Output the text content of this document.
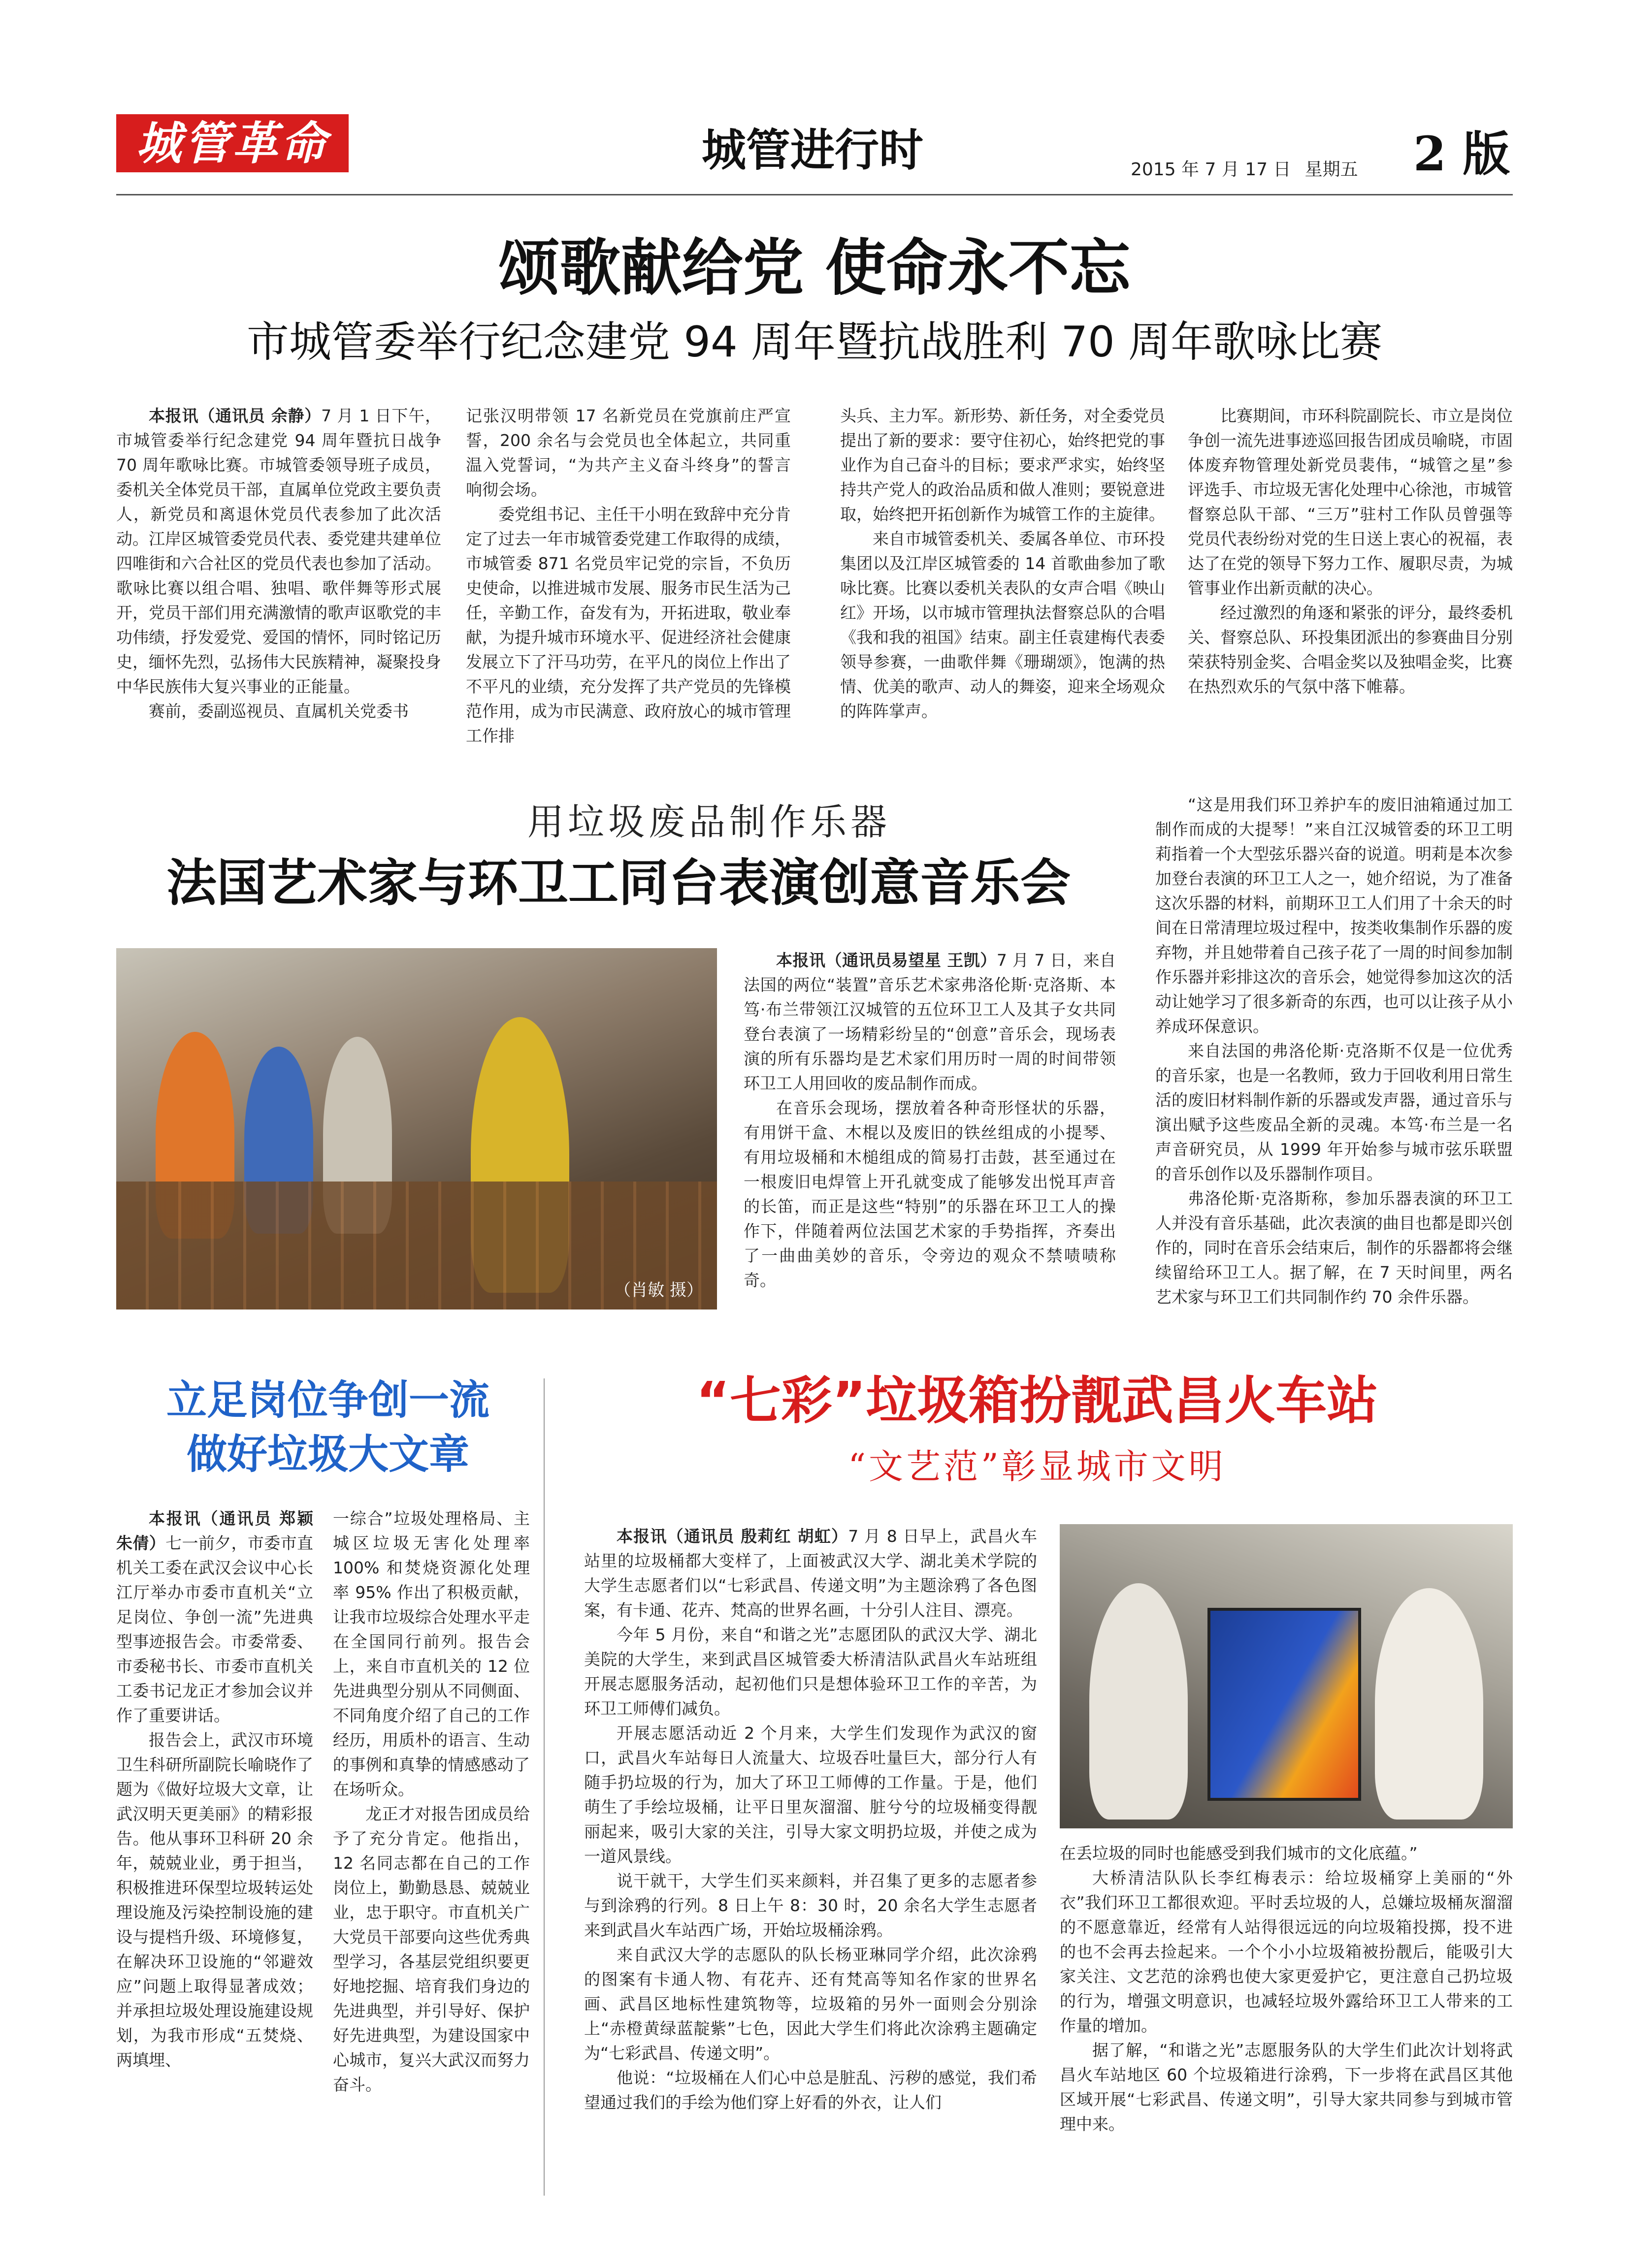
城管革命	城管进行时	2015 年 7 月 17 日 星期五 2 版
颂歌献给党 使命永不忘
市城管委举行纪念建党 94 周年暨抗战胜利 70 周年歌咏比赛

本报讯（通讯员 余静）7 月 1 日下午，市城管委举行纪念建党 94 周年暨抗日战争 70 周年歌咏比赛。市城管委领导班子成员，委机关全体党员干部，直属单位党政主要负责人，新党员和离退休党员代表参加了此次活动。江岸区城管委党员代表、委党建共建单位四唯街和六合社区的党员代表也参加了活动。歌咏比赛以组合唱、独唱、歌伴舞等形式展开，党员干部们用充满激情的歌声讴歌党的丰功伟绩，抒发爱党、爱国的情怀，同时铭记历史，缅怀先烈，弘扬伟大民族精神，凝聚投身中华民族伟大复兴事业的正能量。

赛前，委副巡视员、直属机关党委书

记张汉明带领 17 名新党员在党旗前庄严宣誓，200 余名与会党员也全体起立，共同重温入党誓词，“为共产主义奋斗终身”的誓言响彻会场。

委党组书记、主任干小明在致辞中充分肯定了过去一年市城管委党建工作取得的成绩，市城管委 871 名党员牢记党的宗旨，不负历史使命，以推进城市发展、服务市民生活为己任，辛勤工作，奋发有为，开拓进取，敬业奉献，为提升城市环境水平、促进经济社会健康发展立下了汗马功劳，在平凡的岗位上作出了不平凡的业绩，充分发挥了共产党员的先锋模范作用，成为市民满意、政府放心的城市管理工作排

头兵、主力军。新形势、新任务，对全委党员提出了新的要求：要守住初心，始终把党的事业作为自己奋斗的目标；要求严求实，始终坚持共产党人的政治品质和做人准则；要锐意进取，始终把开拓创新作为城管工作的主旋律。

来自市城管委机关、委属各单位、市环投集团以及江岸区城管委的 14 首歌曲参加了歌咏比赛。比赛以委机关表队的女声合唱《映山红》开场，以市城市管理执法督察总队的合唱《我和我的祖国》结束。副主任袁建梅代表委领导参赛，一曲歌伴舞《珊瑚颂》，饱满的热情、优美的歌声、动人的舞姿，迎来全场观众的阵阵掌声。

比赛期间，市环科院副院长、市立是岗位争创一流先进事迹巡回报告团成员喻晓，市固体废弃物管理处新党员裴伟，“城管之星”参评选手、市垃圾无害化处理中心徐池，市城管督察总队干部、“三万”驻村工作队员曾强等党员代表纷纷对党的生日送上衷心的祝福，表达了在党的领导下努力工作、履职尽责，为城管事业作出新贡献的决心。

经过激烈的角逐和紧张的评分，最终委机关、督察总队、环投集团派出的参赛曲目分别荣获特别金奖、合唱金奖以及独唱金奖，比赛在热烈欢乐的气氛中落下帷幕。

用垃圾废品制作乐器
法国艺术家与环卫工同台表演创意音乐会
（肖敏 摄）

本报讯（通讯员易望星 王凯）7 月 7 日，来自法国的两位“装置”音乐艺术家弗洛伦斯·克洛斯、本笃·布兰带领江汉城管的五位环卫工人及其子女共同登台表演了一场精彩纷呈的“创意”音乐会，现场表演的所有乐器均是艺术家们用历时一周的时间带领环卫工人用回收的废品制作而成。

在音乐会现场，摆放着各种奇形怪状的乐器，有用饼干盒、木棍以及废旧的铁丝组成的小提琴、有用垃圾桶和木槌组成的简易打击鼓，甚至通过在一根废旧电焊管上开孔就变成了能够发出悦耳声音的长笛，而正是这些“特别”的乐器在环卫工人的操作下，伴随着两位法国艺术家的手势指挥，齐奏出了一曲曲美妙的音乐，令旁边的观众不禁啧啧称奇。

“这是用我们环卫养护车的废旧油箱通过加工制作而成的大提琴！”来自江汉城管委的环卫工明莉指着一个大型弦乐器兴奋的说道。明莉是本次参加登台表演的环卫工人之一，她介绍说，为了准备这次乐器的材料，前期环卫工人们用了十余天的时间在日常清理垃圾过程中，按类收集制作乐器的废弃物，并且她带着自己孩子花了一周的时间参加制作乐器并彩排这次的音乐会，她觉得参加这次的活动让她学习了很多新奇的东西，也可以让孩子从小养成环保意识。

来自法国的弗洛伦斯·克洛斯不仅是一位优秀的音乐家，也是一名教师，致力于回收利用日常生活的废旧材料制作新的乐器或发声器，通过音乐与演出赋予这些废品全新的灵魂。本笃·布兰是一名声音研究员，从 1999 年开始参与城市弦乐联盟的音乐创作以及乐器制作项目。

弗洛伦斯·克洛斯称，参加乐器表演的环卫工人并没有音乐基础，此次表演的曲目也都是即兴创作的，同时在音乐会结束后，制作的乐器都将会继续留给环卫工人。据了解，在 7 天时间里，两名艺术家与环卫工们共同制作约 70 余件乐器。

立足岗位争创一流
做好垃圾大文章

本报讯（通讯员 郑颖 朱倩）七一前夕，市委市直机关工委在武汉会议中心长江厅举办市委市直机关“立足岗位、争创一流”先进典型事迹报告会。市委常委、市委秘书长、市委市直机关工委书记龙正才参加会议并作了重要讲话。

报告会上，武汉市环境卫生科研所副院长喻晓作了题为《做好垃圾大文章，让武汉明天更美丽》的精彩报告。他从事环卫科研 20 余年，兢兢业业，勇于担当，积极推进环保型垃圾转运处理设施及污染控制设施的建设与提档升级、环境修复，在解决环卫设施的“邻避效应”问题上取得显著成效；并承担垃圾处理设施建设规划，为我市形成“五焚烧、两填埋、

一综合”垃圾处理格局、主城区垃圾无害化处理率 100% 和焚烧资源化处理率 95% 作出了积极贡献，让我市垃圾综合处理水平走在全国同行前列。报告会上，来自市直机关的 12 位先进典型分别从不同侧面、不同角度介绍了自己的工作经历，用质朴的语言、生动的事例和真挚的情感感动了在场听众。

龙正才对报告团成员给予了充分肯定。他指出，12 名同志都在自己的工作岗位上，勤勤恳恳、兢兢业业，忠于职守。市直机关广大党员干部要向这些优秀典型学习，各基层党组织要更好地挖掘、培育我们身边的先进典型，并引导好、保护好先进典型，为建设国家中心城市，复兴大武汉而努力奋斗。

“七彩”垃圾箱扮靓武昌火车站
“文艺范”彰显城市文明

本报讯（通讯员 殷莉红 胡虹）7 月 8 日早上，武昌火车站里的垃圾桶都大变样了，上面被武汉大学、湖北美术学院的大学生志愿者们以“七彩武昌、传递文明”为主题涂鸦了各色图案，有卡通、花卉、梵高的世界名画，十分引人注目、漂亮。

今年 5 月份，来自“和谐之光”志愿团队的武汉大学、湖北美院的大学生，来到武昌区城管委大桥清洁队武昌火车站班组开展志愿服务活动，起初他们只是想体验环卫工作的辛苦，为环卫工师傅们减负。

开展志愿活动近 2 个月来，大学生们发现作为武汉的窗口，武昌火车站每日人流量大、垃圾吞吐量巨大，部分行人有随手扔垃圾的行为，加大了环卫工师傅的工作量。于是，他们萌生了手绘垃圾桶，让平日里灰溜溜、脏兮兮的垃圾桶变得靓丽起来，吸引大家的关注，引导大家文明扔垃圾，并使之成为一道风景线。

说干就干，大学生们买来颜料，并召集了更多的志愿者参与到涂鸦的行列。8 日上午 8：30 时，20 余名大学生志愿者来到武昌火车站西广场，开始垃圾桶涂鸦。

来自武汉大学的志愿队的队长杨亚琳同学介绍，此次涂鸦的图案有卡通人物、有花卉、还有梵高等知名作家的世界名画、武昌区地标性建筑物等，垃圾箱的另外一面则会分别涂上“赤橙黄绿蓝靛紫”七色，因此大学生们将此次涂鸦主题确定为“七彩武昌、传递文明”。

他说：“垃圾桶在人们心中总是脏乱、污秽的感觉，我们希望通过我们的手绘为他们穿上好看的外衣，让人们

在丢垃圾的同时也能感受到我们城市的文化底蕴。”

大桥清洁队队长李红梅表示：给垃圾桶穿上美丽的“外衣”我们环卫工都很欢迎。平时丢垃圾的人，总嫌垃圾桶灰溜溜的不愿意靠近，经常有人站得很远远的向垃圾箱投掷，投不进的也不会再去捡起来。一个个小小垃圾箱被扮靓后，能吸引大家关注、文艺范的涂鸦也使大家更爱护它，更注意自己扔垃圾的行为，增强文明意识，也减轻垃圾外露给环卫工人带来的工作量的增加。

据了解，“和谐之光”志愿服务队的大学生们此次计划将武昌火车站地区 60 个垃圾箱进行涂鸦，下一步将在武昌区其他区域开展“七彩武昌、传递文明”，引导大家共同参与到城市管理中来。
